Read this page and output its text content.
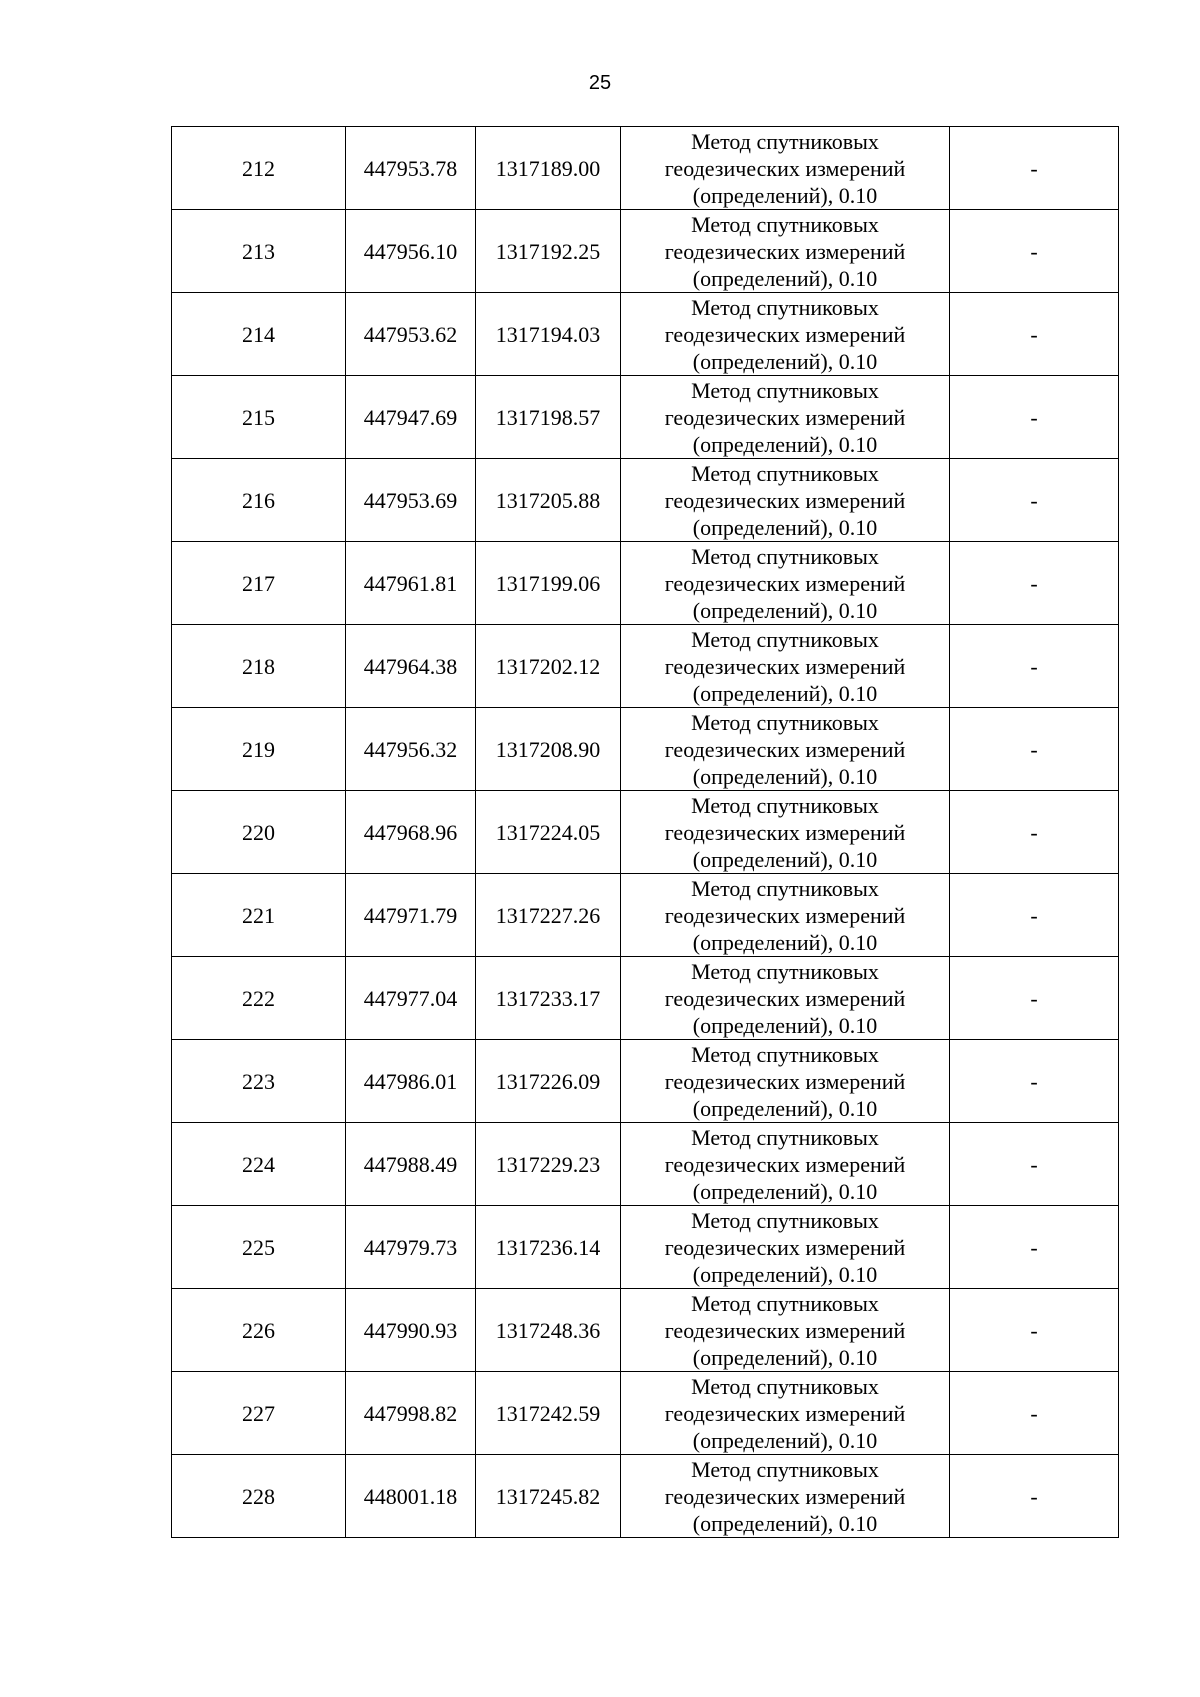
25
212	447953.78	1317189.00	Метод спутниковых
геодезических измерений
(определений), 0.10	-
213	447956.10	1317192.25	Метод спутниковых
геодезических измерений
(определений), 0.10	-
214	447953.62	1317194.03	Метод спутниковых
геодезических измерений
(определений), 0.10	-
215	447947.69	1317198.57	Метод спутниковых
геодезических измерений
(определений), 0.10	-
216	447953.69	1317205.88	Метод спутниковых
геодезических измерений
(определений), 0.10	-
217	447961.81	1317199.06	Метод спутниковых
геодезических измерений
(определений), 0.10	-
218	447964.38	1317202.12	Метод спутниковых
геодезических измерений
(определений), 0.10	-
219	447956.32	1317208.90	Метод спутниковых
геодезических измерений
(определений), 0.10	-
220	447968.96	1317224.05	Метод спутниковых
геодезических измерений
(определений), 0.10	-
221	447971.79	1317227.26	Метод спутниковых
геодезических измерений
(определений), 0.10	-
222	447977.04	1317233.17	Метод спутниковых
геодезических измерений
(определений), 0.10	-
223	447986.01	1317226.09	Метод спутниковых
геодезических измерений
(определений), 0.10	-
224	447988.49	1317229.23	Метод спутниковых
геодезических измерений
(определений), 0.10	-
225	447979.73	1317236.14	Метод спутниковых
геодезических измерений
(определений), 0.10	-
226	447990.93	1317248.36	Метод спутниковых
геодезических измерений
(определений), 0.10	-
227	447998.82	1317242.59	Метод спутниковых
геодезических измерений
(определений), 0.10	-
228	448001.18	1317245.82	Метод спутниковых
геодезических измерений
(определений), 0.10	-
